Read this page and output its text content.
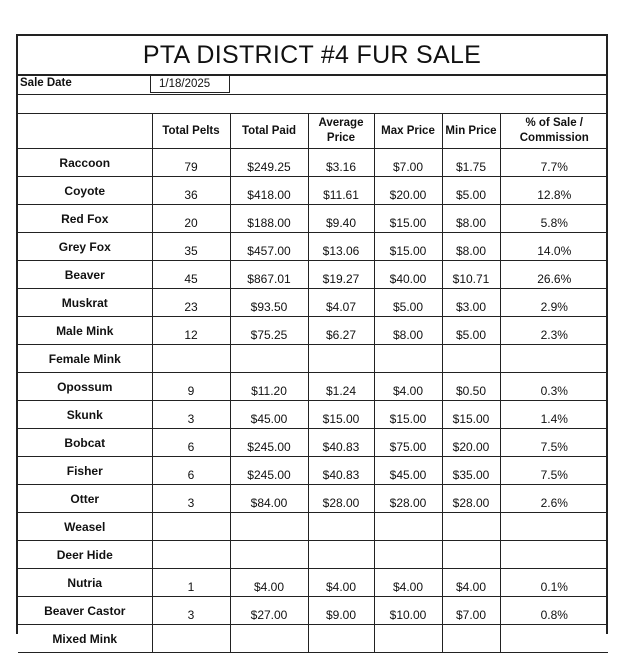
PTA DISTRICT #4 FUR SALE
Sale Date	1/18/2025
	Total Pelts	Total Paid	Average Price	Max Price	Min Price	% of Sale / Commission
Raccoon	79	$249.25	$3.16	$7.00	$1.75	7.7%
Coyote	36	$418.00	$11.61	$20.00	$5.00	12.8%
Red Fox	20	$188.00	$9.40	$15.00	$8.00	5.8%
Grey Fox	35	$457.00	$13.06	$15.00	$8.00	14.0%
Beaver	45	$867.01	$19.27	$40.00	$10.71	26.6%
Muskrat	23	$93.50	$4.07	$5.00	$3.00	2.9%
Male Mink	12	$75.25	$6.27	$8.00	$5.00	2.3%
Female Mink						
Opossum	9	$11.20	$1.24	$4.00	$0.50	0.3%
Skunk	3	$45.00	$15.00	$15.00	$15.00	1.4%
Bobcat	6	$245.00	$40.83	$75.00	$20.00	7.5%
Fisher	6	$245.00	$40.83	$45.00	$35.00	7.5%
Otter	3	$84.00	$28.00	$28.00	$28.00	2.6%
Weasel						
Deer Hide						
Nutria	1	$4.00	$4.00	$4.00	$4.00	0.1%
Beaver Castor	3	$27.00	$9.00	$10.00	$7.00	0.8%
Mixed Mink						
